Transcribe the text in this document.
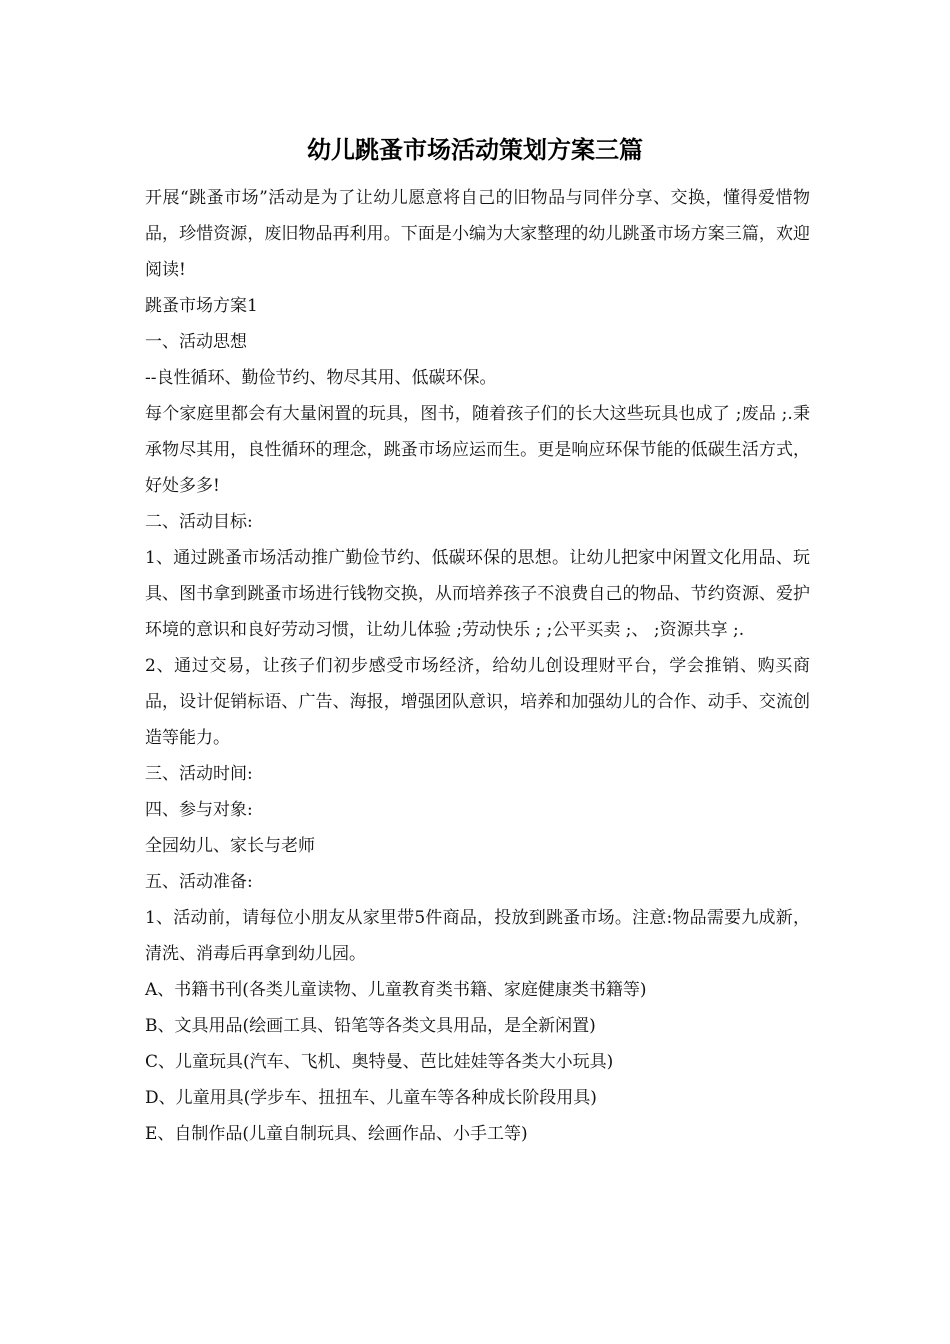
幼儿跳蚤市场活动策划方案三篇

开展“跳蚤市场”活动是为了让幼儿愿意将自己的旧物品与同伴分享、交换，懂得爱惜物品，珍惜资源，废旧物品再利用。下面是小编为大家整理的幼儿跳蚤市场方案三篇，欢迎阅读!

跳蚤市场方案1

一、活动思想

--良性循环、勤俭节约、物尽其用、低碳环保。

每个家庭里都会有大量闲置的玩具，图书，随着孩子们的长大这些玩具也成了 ;废品 ;.秉承物尽其用，良性循环的理念，跳蚤市场应运而生。更是响应环保节能的低碳生活方式，好处多多!

二、活动目标:

1、通过跳蚤市场活动推广勤俭节约、低碳环保的思想。让幼儿把家中闲置文化用品、玩具、图书拿到跳蚤市场进行钱物交换，从而培养孩子不浪费自己的物品、节约资源、爱护环境的意识和良好劳动习惯，让幼儿体验 ;劳动快乐 ; ;公平买卖 ;、 ;资源共享 ;.

2、通过交易，让孩子们初步感受市场经济，给幼儿创设理财平台，学会推销、购买商品，设计促销标语、广告、海报，增强团队意识，培养和加强幼儿的合作、动手、交流创造等能力。

三、活动时间:

四、参与对象:

全园幼儿、家长与老师

五、活动准备:

1、活动前，请每位小朋友从家里带5件商品，投放到跳蚤市场。注意:物品需要九成新，清洗、消毒后再拿到幼儿园。

A、书籍书刊(各类儿童读物、儿童教育类书籍、家庭健康类书籍等)

B、文具用品(绘画工具、铅笔等各类文具用品，是全新闲置)

C、儿童玩具(汽车、飞机、奥特曼、芭比娃娃等各类大小玩具)

D、儿童用具(学步车、扭扭车、儿童车等各种成长阶段用具)

E、自制作品(儿童自制玩具、绘画作品、小手工等)
